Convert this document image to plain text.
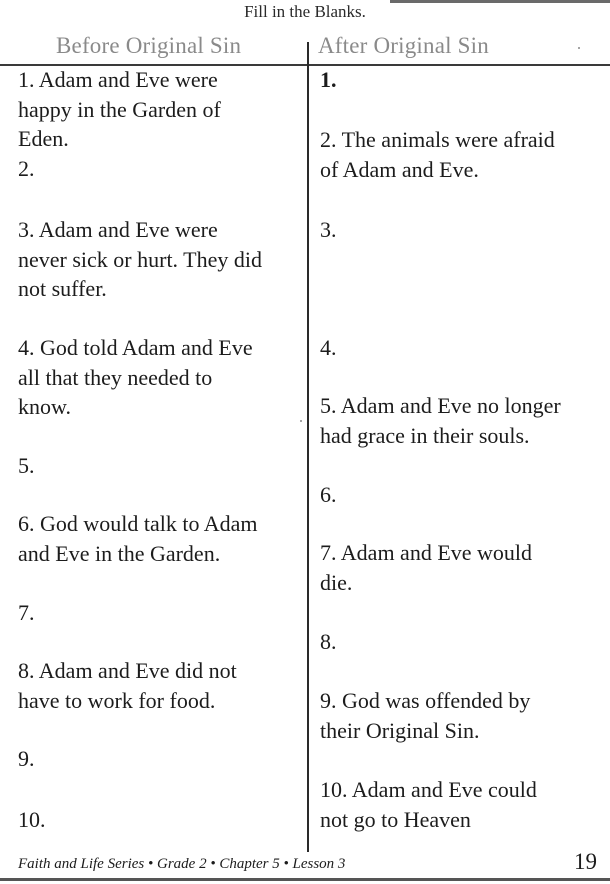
Fill in the Blanks.
Before Original Sin	After Original Sin
1. Adam and Eve were
happy in the Garden of
Eden.
2.
3. Adam and Eve were
never sick or hurt. They did
not suffer.
4. God told Adam and Eve
all that they needed to
know.
5.
6. God would talk to Adam
and Eve in the Garden.
7.
8. Adam and Eve did not
have to work for food.
9.
10.
1.
2. The animals were afraid
of Adam and Eve.
3.
4.
5. Adam and Eve no longer
had grace in their souls.
6.
7. Adam and Eve would
die.
8.
9. God was offended by
their Original Sin.
10. Adam and Eve could
not go to Heaven
Faith and Life Series • Grade 2 • Chapter 5 • Lesson 3	19
